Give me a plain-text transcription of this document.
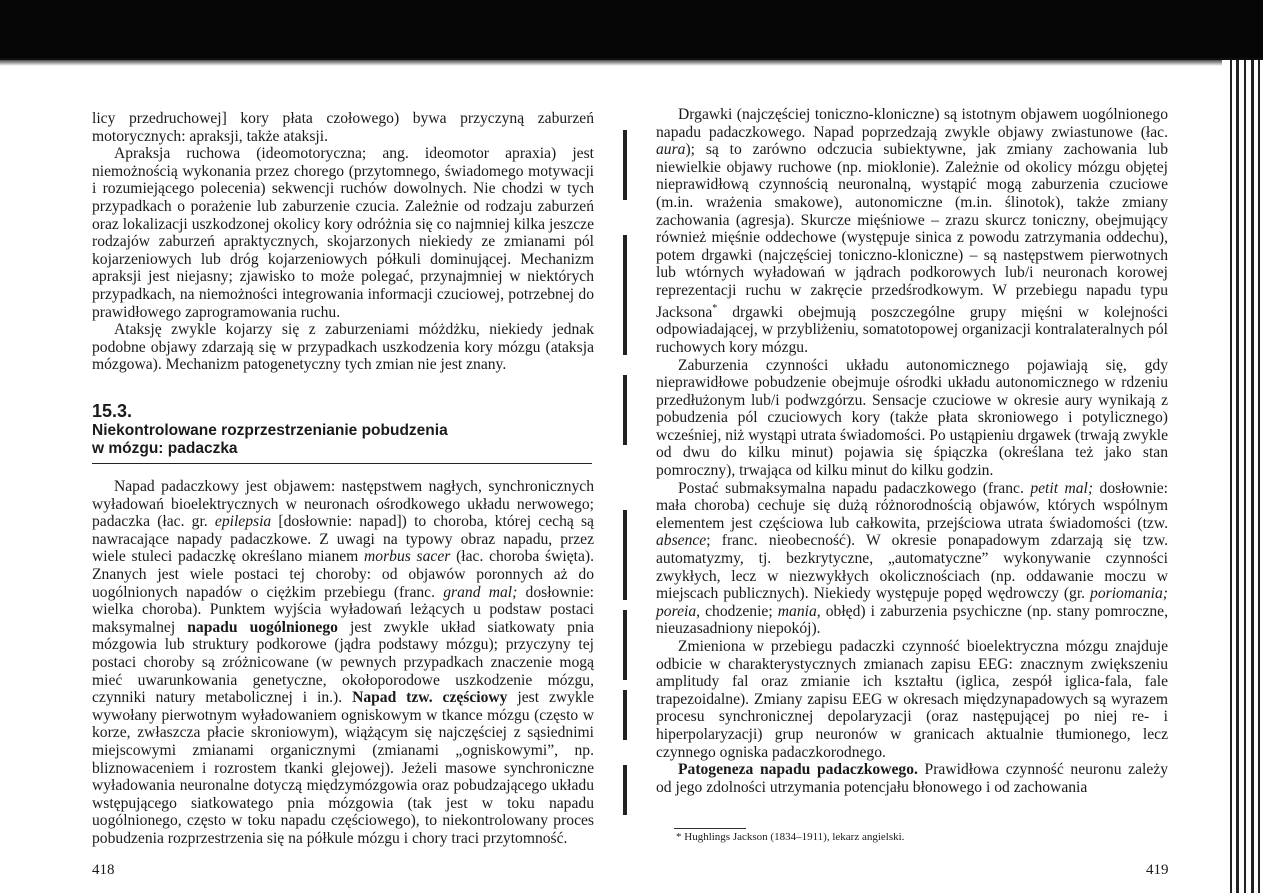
licy przedruchowej] kory płata czołowego) bywa przyczyną zaburzeń motorycznych: apraksji, także ataksji.

Apraksja ruchowa (ideomotoryczna; ang. ideomotor apraxia) jest niemożnością wykonania przez chorego (przytomnego, świadomego motywacji i rozumiejącego polecenia) sekwencji ruchów dowolnych. Nie chodzi w tych przypadkach o porażenie lub zaburzenie czucia. Zależnie od rodzaju zaburzeń oraz lokalizacji uszkodzonej okolicy kory odróżnia się co najmniej kilka jeszcze rodzajów zaburzeń apraktycznych, skojarzonych niekiedy ze zmianami pól kojarzeniowych lub dróg kojarzeniowych półkuli dominującej. Mechanizm apraksji jest niejasny; zjawisko to może polegać, przynajmniej w niektórych przypadkach, na niemożności integrowania informacji czuciowej, potrzebnej do prawidłowego zaprogramowania ruchu.

Ataksję zwykle kojarzy się z zaburzeniami móżdżku, niekiedy jednak podobne objawy zdarzają się w przypadkach uszkodzenia kory mózgu (ataksja mózgowa). Mechanizm patogenetyczny tych zmian nie jest znany.

15.3.
Niekontrolowane rozprzestrzenianie pobudzenia
w mózgu: padaczka

Napad padaczkowy jest objawem: następstwem nagłych, synchronicznych wyładowań bioelektrycznych w neuronach ośrodkowego układu nerwowego; padaczka (łac. gr. epilepsia [dosłownie: napad]) to choroba, której cechą są nawracające napady padaczkowe. Z uwagi na typowy obraz napadu, przez wiele stuleci padaczkę określano mianem morbus sacer (łac. choroba święta). Znanych jest wiele postaci tej choroby: od objawów poronnych aż do uogólnionych napadów o ciężkim przebiegu (franc. grand mal; dosłownie: wielka choroba). Punktem wyjścia wyładowań leżących u podstaw postaci maksymalnej napadu uogólnionego jest zwykle układ siatkowaty pnia mózgowia lub struktury podkorowe (jądra podstawy mózgu); przyczyny tej postaci choroby są zróżnicowane (w pewnych przypadkach znaczenie mogą mieć uwarunkowania genetyczne, okołoporodowe uszkodzenie mózgu, czynniki natury metabolicznej i in.). Napad tzw. częściowy jest zwykle wywołany pierwotnym wyładowaniem ogniskowym w tkance mózgu (często w korze, zwłaszcza płacie skroniowym), wiążącym się najczęściej z sąsiednimi miejscowymi zmianami organicznymi (zmianami „ogniskowymi”, np. bliznowaceniem i rozrostem tkanki glejowej). Jeżeli masowe synchroniczne wyładowania neuronalne dotyczą międzymózgowia oraz pobudzającego układu wstępującego siatkowatego pnia mózgowia (tak jest w toku napadu uogólnionego, często w toku napadu częściowego), to niekontrolowany proces pobudzenia rozprzestrzenia się na półkule mózgu i chory traci przytomność.

418

Drgawki (najczęściej toniczno-kloniczne) są istotnym objawem uogólnionego napadu padaczkowego. Napad poprzedzają zwykle objawy zwiastunowe (łac. aura); są to zarówno odczucia subiektywne, jak zmiany zachowania lub niewielkie objawy ruchowe (np. mioklonie). Zależnie od okolicy mózgu objętej nieprawidłową czynnością neuronalną, wystąpić mogą zaburzenia czuciowe (m.in. wrażenia smakowe), autonomiczne (m.in. ślinotok), także zmiany zachowania (agresja). Skurcze mięśniowe – zrazu skurcz toniczny, obejmujący również mięśnie oddechowe (występuje sinica z powodu zatrzymania oddechu), potem drgawki (najczęściej toniczno-kloniczne) – są następstwem pierwotnych lub wtórnych wyładowań w jądrach podkorowych lub/i neuronach korowej reprezentacji ruchu w zakręcie przedśrodkowym. W przebiegu napadu typu Jacksona* drgawki obejmują poszczególne grupy mięśni w kolejności odpowiadającej, w przybliżeniu, somatotopowej organizacji kontralateralnych pól ruchowych kory mózgu.

Zaburzenia czynności układu autonomicznego pojawiają się, gdy nieprawidłowe pobudzenie obejmuje ośrodki układu autonomicznego w rdzeniu przedłużonym lub/i podwzgórzu. Sensacje czuciowe w okresie aury wynikają z pobudzenia pól czuciowych kory (także płata skroniowego i potylicznego) wcześniej, niż wystąpi utrata świadomości. Po ustąpieniu drgawek (trwają zwykle od dwu do kilku minut) pojawia się śpiączka (określana też jako stan pomroczny), trwająca od kilku minut do kilku godzin.

Postać submaksymalna napadu padaczkowego (franc. petit mal; dosłownie: mała choroba) cechuje się dużą różnorodnością objawów, których wspólnym elementem jest częściowa lub całkowita, przejściowa utrata świadomości (tzw. absence; franc. nieobecność). W okresie ponapadowym zdarzają się tzw. automatyzmy, tj. bezkrytyczne, „automatyczne” wykonywanie czynności zwykłych, lecz w niezwykłych okolicznościach (np. oddawanie moczu w miejscach publicznych). Niekiedy występuje popęd wędrowczy (gr. poriomania; poreia, chodzenie; mania, obłęd) i zaburzenia psychiczne (np. stany pomroczne, nieuzasadniony niepokój).

Zmieniona w przebiegu padaczki czynność bioelektryczna mózgu znajduje odbicie w charakterystycznych zmianach zapisu EEG: znacznym zwiększeniu amplitudy fal oraz zmianie ich kształtu (iglica, zespół iglica-fala, fale trapezoidalne). Zmiany zapisu EEG w okresach międzynapadowych są wyrazem procesu synchronicznej depolaryzacji (oraz następującej po niej re- i hiperpolaryzacji) grup neuronów w granicach aktualnie tłumionego, lecz czynnego ogniska padaczkorodnego.

Patogeneza napadu padaczkowego. Prawidłowa czynność neuronu zależy od jego zdolności utrzymania potencjału błonowego i od zachowania

* Hughlings Jackson (1834–1911), lekarz angielski.
419
